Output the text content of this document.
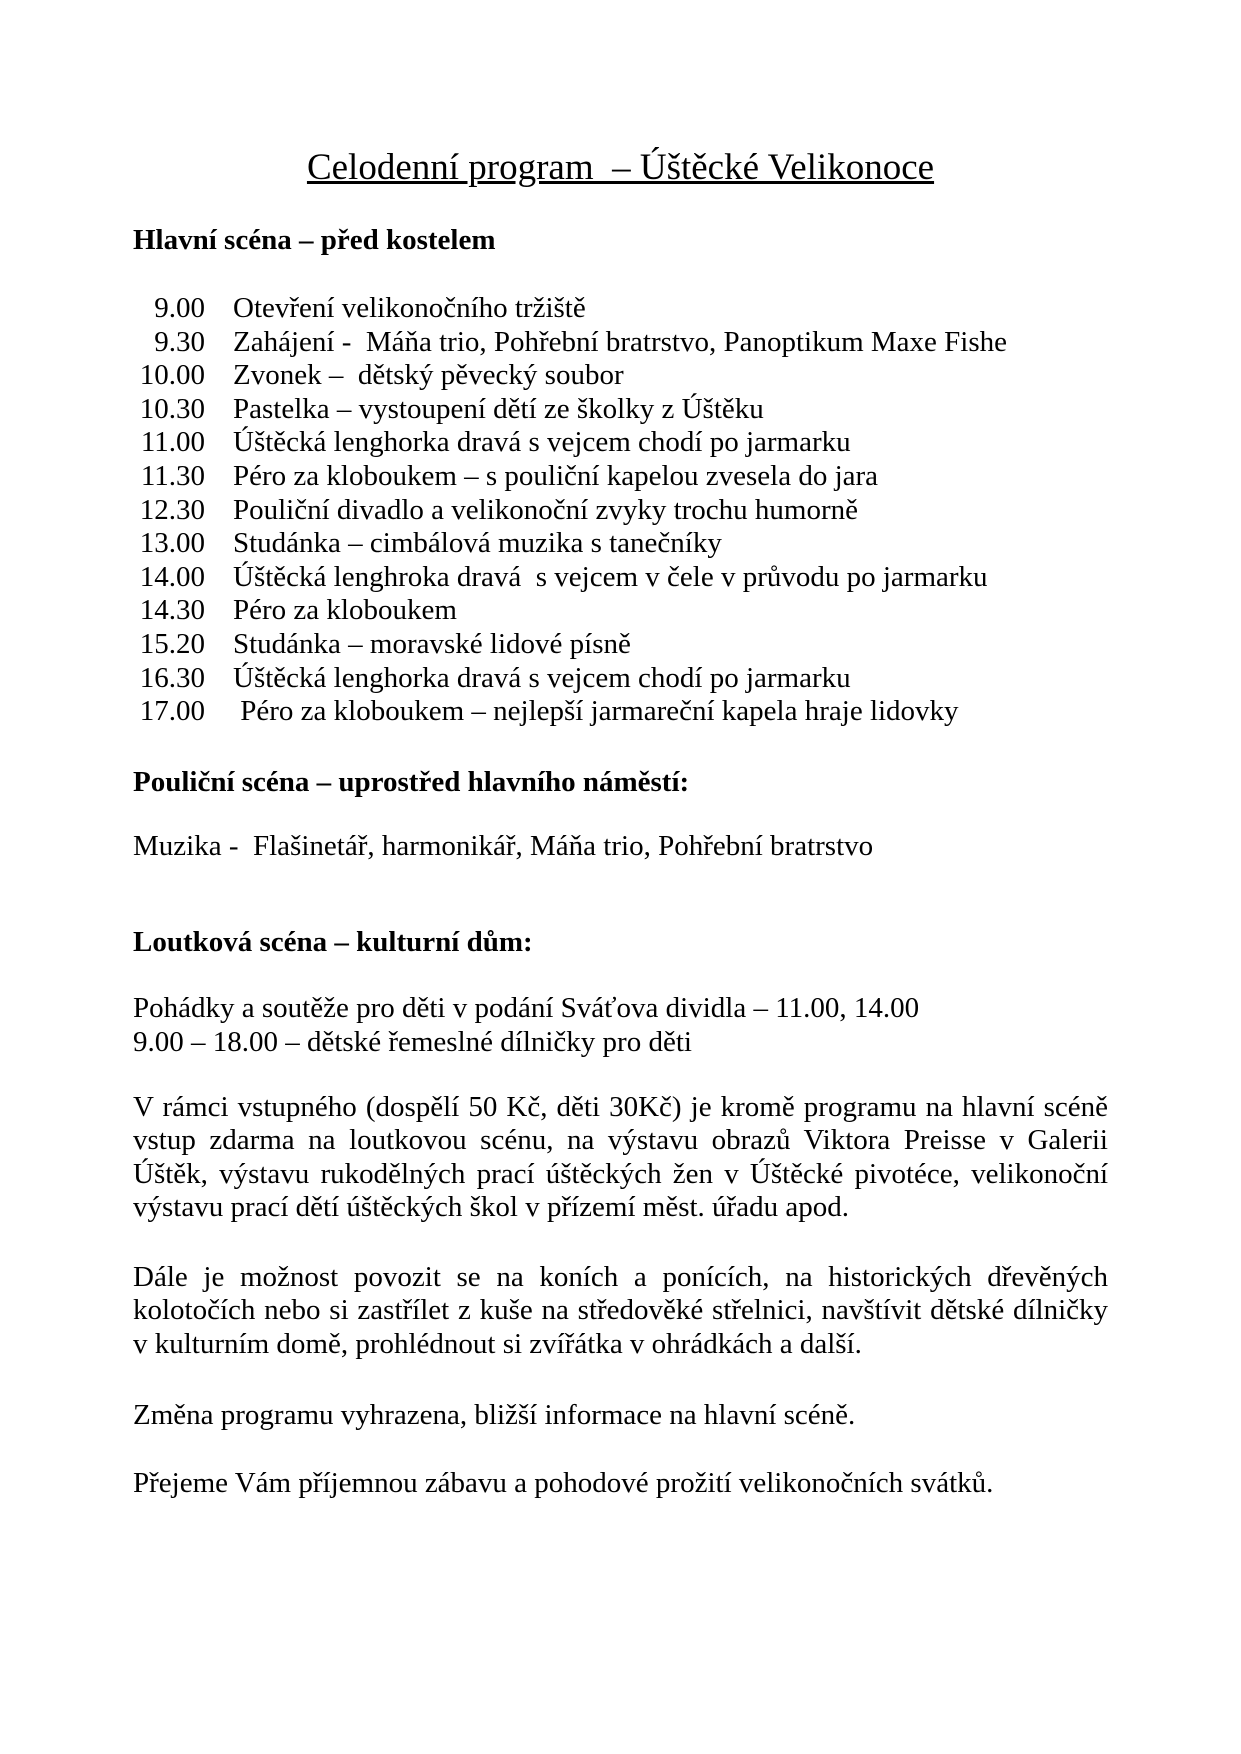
Celodenní program  – Úštěcké Velikonoce
Hlavní scéna – před kostelem
9.00 Otevření velikonočního tržiště
9.30 Zahájení -  Máňa trio, Pohřební bratrstvo, Panoptikum Maxe Fishe
10.00 Zvonek –  dětský pěvecký soubor
10.30 Pastelka – vystoupení dětí ze školky z Úštěku
11.00 Úštěcká lenghorka dravá s vejcem chodí po jarmarku
11.30 Péro za kloboukem – s pouliční kapelou zvesela do jara
12.30 Pouliční divadlo a velikonoční zvyky trochu humorně
13.00 Studánka – cimbálová muzika s tanečníky
14.00 Úštěcká lenghroka dravá  s vejcem v čele v průvodu po jarmarku
14.30 Péro za kloboukem
15.20 Studánka – moravské lidové písně
16.30 Úštěcká lenghorka dravá s vejcem chodí po jarmarku
17.00 Péro za kloboukem – nejlepší jarmareční kapela hraje lidovky
Pouliční scéna – uprostřed hlavního náměstí:
Muzika -  Flašinetář, harmonikář, Máňa trio, Pohřební bratrstvo
Loutková scéna – kulturní dům:
Pohádky a soutěže pro děti v podání Sváťova dividla – 11.00, 14.00
9.00 – 18.00 – dětské řemeslné dílničky pro děti
V rámci vstupného (dospělí 50 Kč, děti 30Kč) je kromě programu na hlavní scéně vstup zdarma na loutkovou scénu, na výstavu obrazů Viktora Preisse v Galerii Úštěk, výstavu rukodělných prací úštěckých žen v Úštěcké pivotéce, velikonoční výstavu prací dětí úštěckých škol v přízemí měst. úřadu apod.
Dále je možnost povozit se na koních a ponících, na historických dřevěných kolotočích nebo si zastřílet z kuše na středověké střelnici, navštívit dětské dílničky v kulturním domě, prohlédnout si zvířátka v ohrádkách a další.
Změna programu vyhrazena, bližší informace na hlavní scéně.
Přejeme Vám příjemnou zábavu a pohodové prožití velikonočních svátků.
